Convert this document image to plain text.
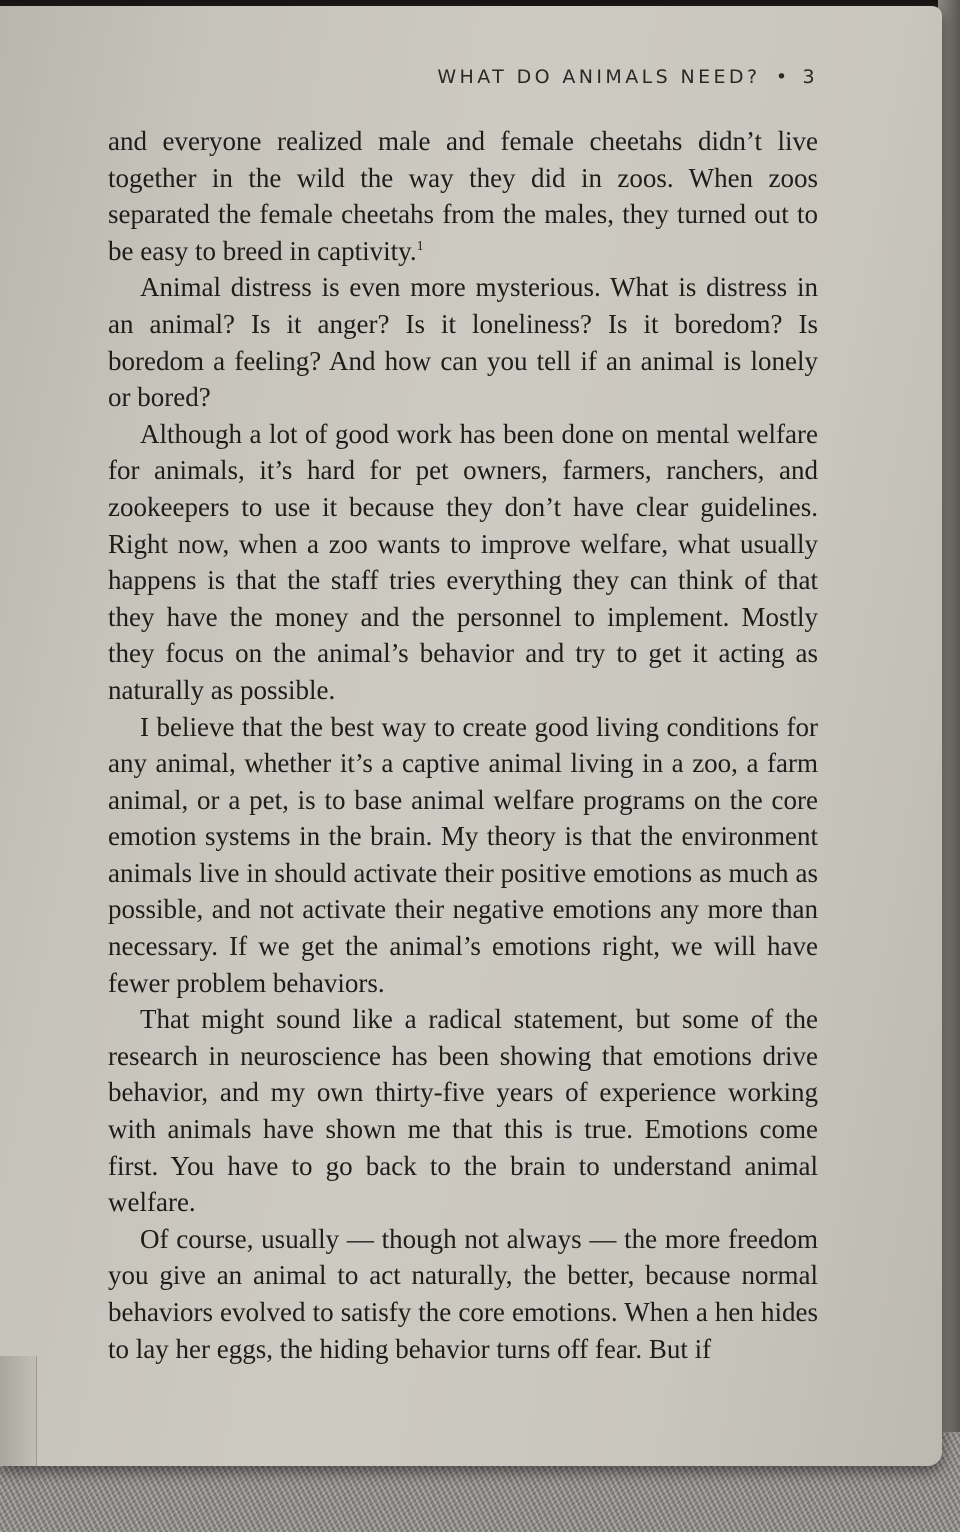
WHAT DO ANIMALS NEED? • 3

and everyone realized male and female cheetahs didn’t live together in the wild the way they did in zoos. When zoos separated the female cheetahs from the males, they turned out to be easy to breed in captivity.$^1$

Animal distress is even more mysterious. What is distress in an animal? Is it anger? Is it loneliness? Is it boredom? Is boredom a feeling? And how can you tell if an animal is lonely or bored?

Although a lot of good work has been done on mental welfare for animals, it’s hard for pet owners, farmers, ranchers, and zookeepers to use it because they don’t have clear guidelines. Right now, when a zoo wants to improve welfare, what usually happens is that the staff tries everything they can think of that they have the money and the personnel to implement. Mostly they focus on the animal’s behavior and try to get it acting as naturally as possible.

I believe that the best way to create good living conditions for any animal, whether it’s a captive animal living in a zoo, a farm animal, or a pet, is to base animal welfare programs on the core emotion systems in the brain. My theory is that the environment animals live in should activate their positive emotions as much as possible, and not activate their negative emotions any more than necessary. If we get the animal’s emotions right, we will have fewer problem behaviors.

That might sound like a radical statement, but some of the research in neuroscience has been showing that emotions drive behavior, and my own thirty-five years of experience working with animals have shown me that this is true. Emotions come first. You have to go back to the brain to understand animal welfare.

Of course, usually — though not always — the more freedom you give an animal to act naturally, the better, because normal behaviors evolved to satisfy the core emotions. When a hen hides to lay her eggs, the hiding behavior turns off fear. But if
